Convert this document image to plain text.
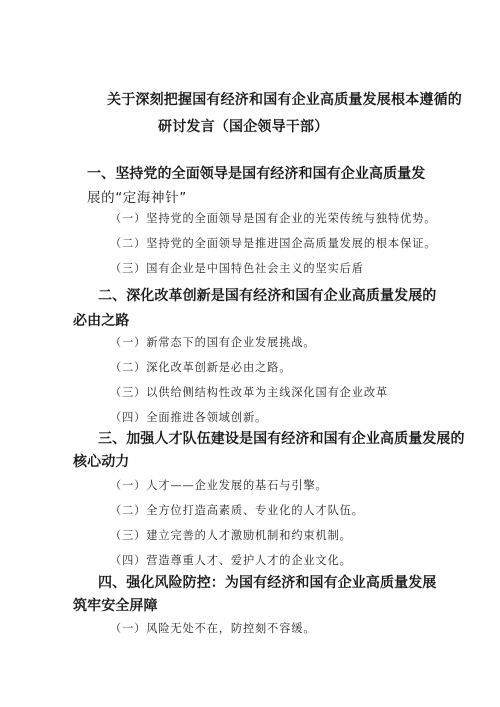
关于深刻把握国有经济和国有企业高质量发展根本遵循的
研讨发言（国企领导干部）
一、坚持党的全面领导是国有经济和国有企业高质量发
展的“定海神针”
（一）坚持党的全面领导是国有企业的光荣传统与独特优势。
（二）坚持党的全面领导是推进国企高质量发展的根本保证。
（三）国有企业是中国特色社会主义的坚实后盾
二、深化改革创新是国有经济和国有企业高质量发展的
必由之路
（一）新常态下的国有企业发展挑战。
（二）深化改革创新是必由之路。
（三）以供给侧结构性改革为主线深化国有企业改革
（四）全面推进各领域创新。
三、加强人才队伍建设是国有经济和国有企业高质量发展的
核心动力
（一）人才——企业发展的基石与引擎。
（二）全方位打造高素质、专业化的人才队伍。
（三）建立完善的人才激励机制和约束机制。
（四）营造尊重人才、爱护人才的企业文化。
四、强化风险防控：为国有经济和国有企业高质量发展
筑牢安全屏障
（一）风险无处不在，防控刻不容缓。
